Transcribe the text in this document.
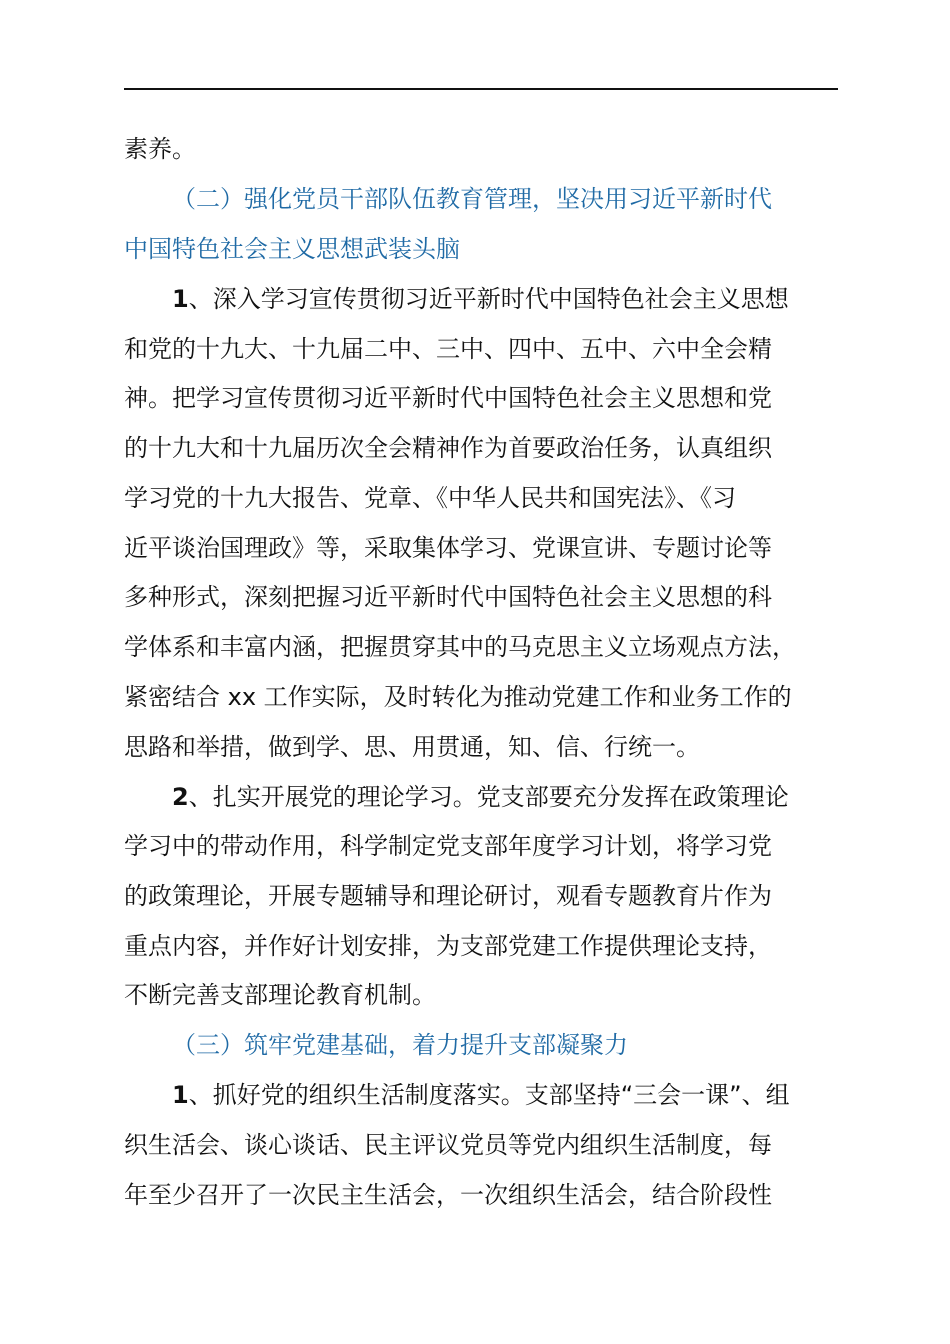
素养。
（二）强化党员干部队伍教育管理，坚决用习近平新时代
中国特色社会主义思想武装头脑
1、深入学习宣传贯彻习近平新时代中国特色社会主义思想
和党的十九大、十九届二中、三中、四中、五中、六中全会精
神。把学习宣传贯彻习近平新时代中国特色社会主义思想和党
的十九大和十九届历次全会精神作为首要政治任务，认真组织
学习党的十九大报告、党章、《中华人民共和国宪法》、《习
近平谈治国理政》等，采取集体学习、党课宣讲、专题讨论等
多种形式，深刻把握习近平新时代中国特色社会主义思想的科
学体系和丰富内涵，把握贯穿其中的马克思主义立场观点方法，
紧密结合 xx 工作实际，及时转化为推动党建工作和业务工作的
思路和举措，做到学、思、用贯通，知、信、行统一。
2、扎实开展党的理论学习。党支部要充分发挥在政策理论
学习中的带动作用，科学制定党支部年度学习计划，将学习党
的政策理论，开展专题辅导和理论研讨，观看专题教育片作为
重点内容，并作好计划安排，为支部党建工作提供理论支持，
不断完善支部理论教育机制。
（三）筑牢党建基础，着力提升支部凝聚力
1、抓好党的组织生活制度落实。支部坚持“三会一课”、组
织生活会、谈心谈话、民主评议党员等党内组织生活制度，每
年至少召开了一次民主生活会，一次组织生活会，结合阶段性
